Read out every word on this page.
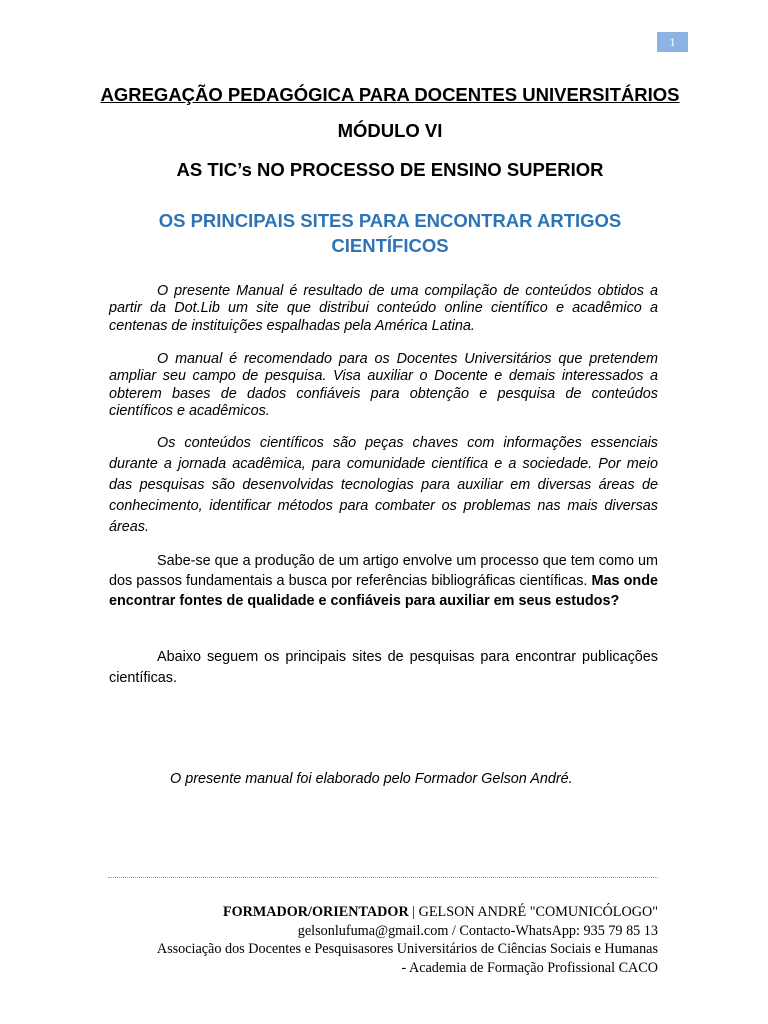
1
AGREGAÇÃO PEDAGÓGICA PARA DOCENTES UNIVERSITÁRIOS
MÓDULO VI
AS TIC’s NO PROCESSO DE ENSINO SUPERIOR
OS PRINCIPAIS SITES PARA ENCONTRAR ARTIGOS
CIENTÍFICOS

O presente Manual é resultado de uma compilação de conteúdos obtidos a partir da Dot.Lib um site que distribui conteúdo online científico e acadêmico a centenas de instituições espalhadas pela América Latina.

O manual é recomendado para os Docentes Universitários que pretendem ampliar seu campo de pesquisa. Visa auxiliar o Docente e demais interessados a obterem bases de dados confiáveis para obtenção e pesquisa de conteúdos científicos e acadêmicos.

Os conteúdos científicos são peças chaves com informações essenciais durante a jornada acadêmica, para comunidade científica e a sociedade. Por meio das pesquisas são desenvolvidas tecnologias para auxiliar em diversas áreas de conhecimento, identificar métodos para combater os problemas nas mais diversas áreas.

Sabe-se que a produção de um artigo envolve um processo que tem como um dos passos fundamentais a busca por referências bibliográficas científicas. Mas onde encontrar fontes de qualidade e confiáveis para auxiliar em seus estudos?

Abaixo seguem os principais sites de pesquisas para encontrar publicações científicas.

O presente manual foi elaborado pelo Formador Gelson André.
FORMADOR/ORIENTADOR | GELSON ANDRÉ "COMUNICÓLOGO"
gelsonlufuma@gmail.com / Contacto-WhatsApp: 935 79 85 13
Associação dos Docentes e Pesquisasores Universitários de Ciências Sociais e Humanas
- Academia de Formação Profissional CACO
